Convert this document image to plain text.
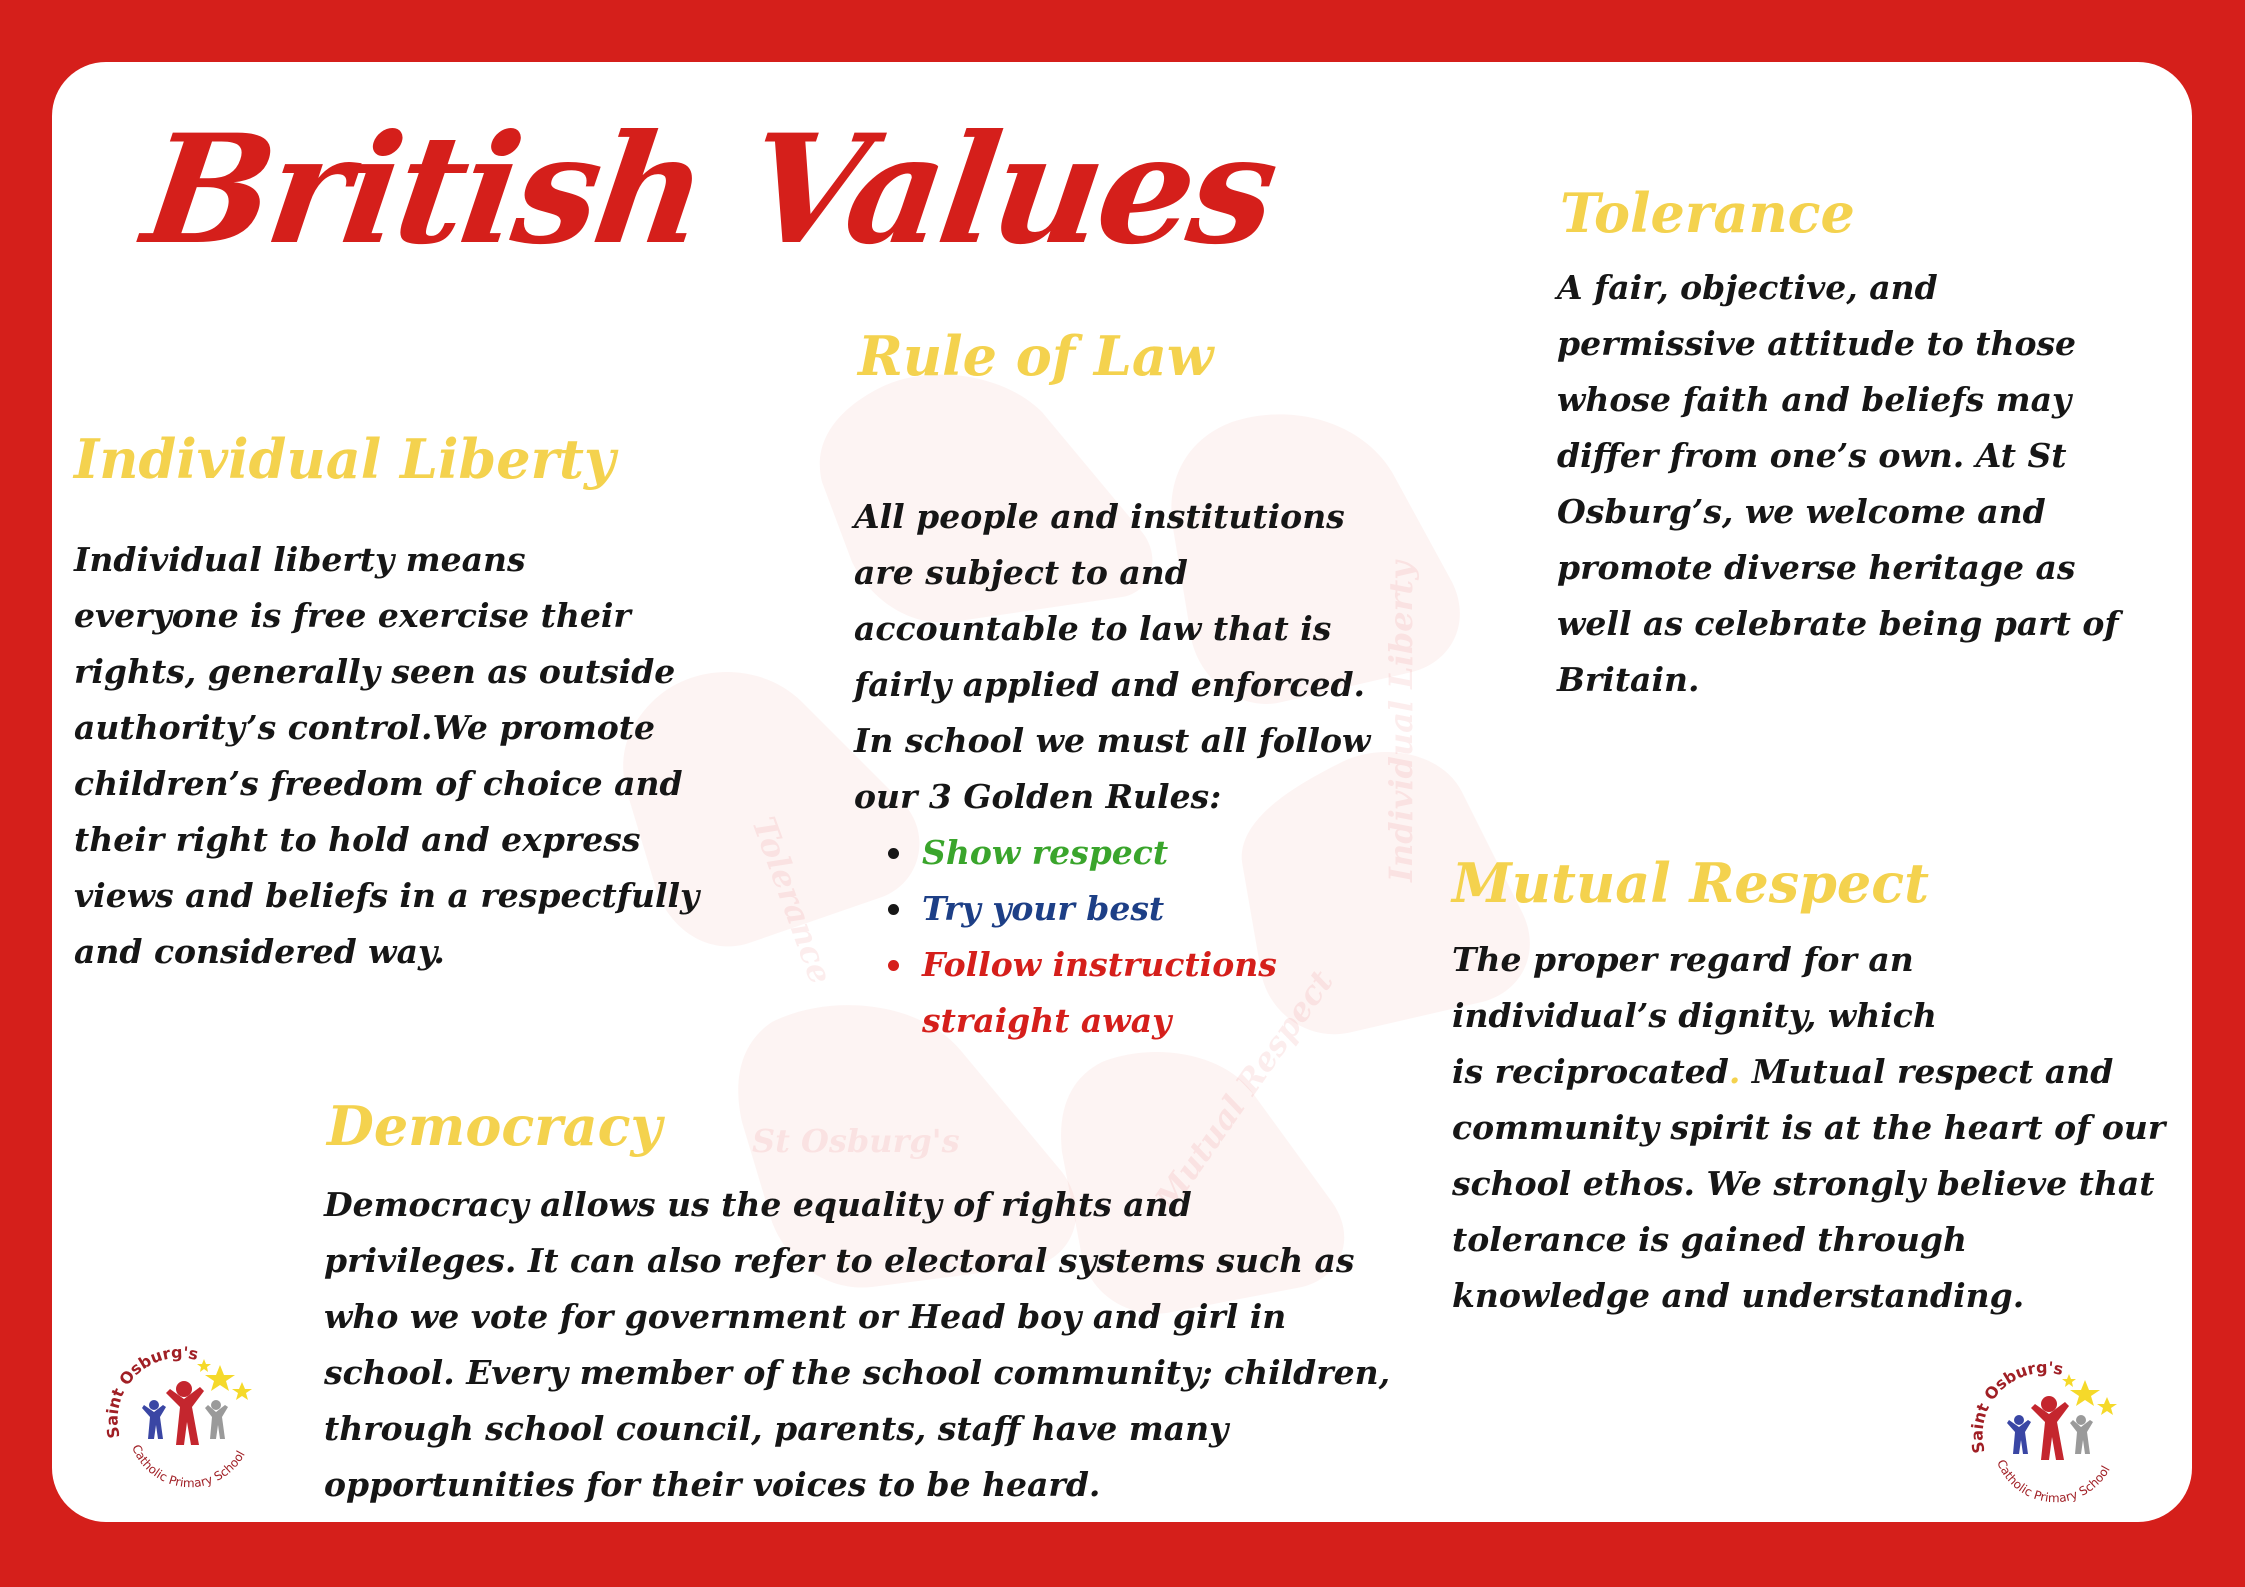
Tolerance
Individual Liberty
St Osburg's	Mutual Respect
British Values
Individual Liberty

Individual liberty means
everyone is free exercise their
rights, generally seen as outside
authority’s control.We promote
children’s freedom of choice and
their right to hold and express
views and beliefs in a respectfully
and considered way.

Rule of Law

All people and institutions
are subject to and
accountable to law that is
fairly applied and enforced.
In school we must all follow
our 3 Golden Rules:

Show respect
Try your best
Follow instructions
straight away
Tolerance

A fair, objective, and
permissive attitude to those
whose faith and beliefs may
differ from one’s own. At St
Osburg’s, we welcome and
promote diverse heritage as
well as celebrate being part of
Britain.

Mutual Respect

The proper regard for an
individual’s dignity, which
is reciprocated. Mutual respect and
community spirit is at the heart of our
school ethos. We strongly believe that
tolerance is gained through
knowledge and understanding.

Democracy

Democracy allows us the equality of rights and
privileges. It can also refer to electoral systems such as
who we vote for government or Head boy and girl in
school. Every member of the school community; children,
through school council, parents, staff have many
opportunities for their voices to be heard.

Saint Osburg's
Catholic Primary School	Saint Osburg's
Catholic Primary School
